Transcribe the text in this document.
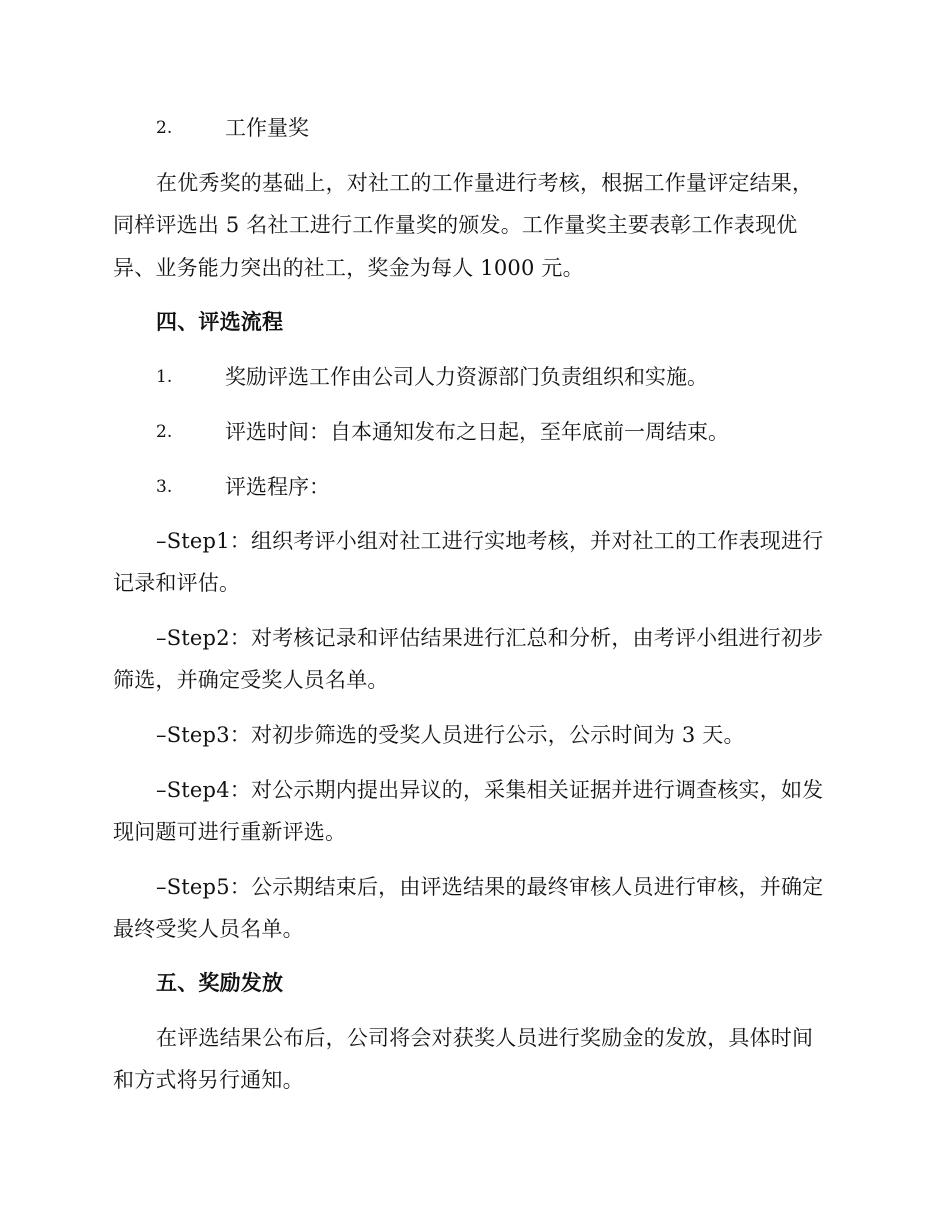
2.	工作量奖
在优秀奖的基础上，对社工的工作量进行考核，根据工作量评定结果，
同样评选出 5 名社工进行工作量奖的颁发。工作量奖主要表彰工作表现优
异、业务能力突出的社工，奖金为每人 1000 元。
四、评选流程
1.	奖励评选工作由公司人力资源部门负责组织和实施。
2.	评选时间：自本通知发布之日起，至年底前一周结束。
3.	评选程序：
–Step1：组织考评小组对社工进行实地考核，并对社工的工作表现进行
记录和评估。
–Step2：对考核记录和评估结果进行汇总和分析，由考评小组进行初步
筛选，并确定受奖人员名单。
–Step3：对初步筛选的受奖人员进行公示，公示时间为 3 天。
–Step4：对公示期内提出异议的，采集相关证据并进行调查核实，如发
现问题可进行重新评选。
–Step5：公示期结束后，由评选结果的最终审核人员进行审核，并确定
最终受奖人员名单。
五、奖励发放
在评选结果公布后，公司将会对获奖人员进行奖励金的发放，具体时间
和方式将另行通知。
